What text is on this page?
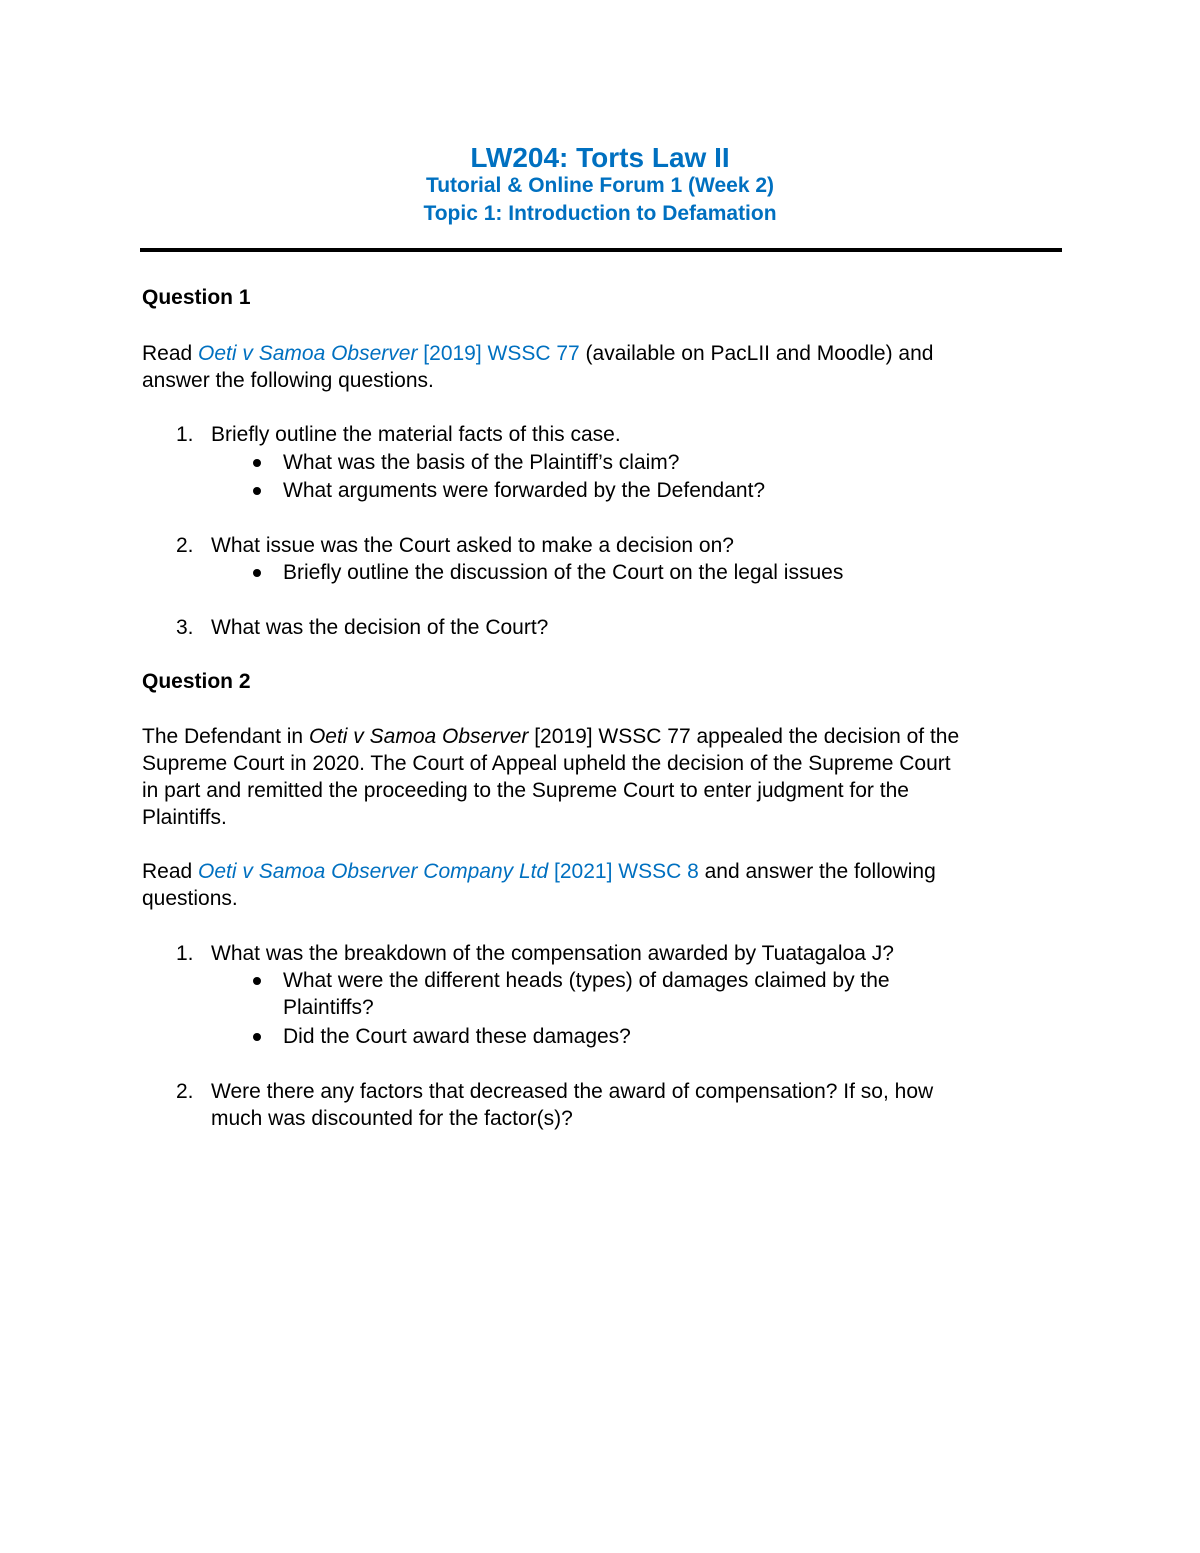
LW204: Torts Law II
Tutorial & Online Forum 1 (Week 2)
Topic 1: Introduction to Defamation
Question 1
Read Oeti v Samoa Observer [2019] WSSC 77 (available on PacLII and Moodle) and
answer the following questions.
1. Briefly outline the material facts of this case.
What was the basis of the Plaintiff’s claim?
What arguments were forwarded by the Defendant?
2. What issue was the Court asked to make a decision on?
Briefly outline the discussion of the Court on the legal issues
3. What was the decision of the Court?
Question 2
The Defendant in Oeti v Samoa Observer [2019] WSSC 77 appealed the decision of the
Supreme Court in 2020. The Court of Appeal upheld the decision of the Supreme Court
in part and remitted the proceeding to the Supreme Court to enter judgment for the
Plaintiffs.
Read Oeti v Samoa Observer Company Ltd [2021] WSSC 8 and answer the following
questions.
1. What was the breakdown of the compensation awarded by Tuatagaloa J?
What were the different heads (types) of damages claimed by the
Plaintiffs?
Did the Court award these damages?
2. Were there any factors that decreased the award of compensation? If so, how
much was discounted for the factor(s)?
